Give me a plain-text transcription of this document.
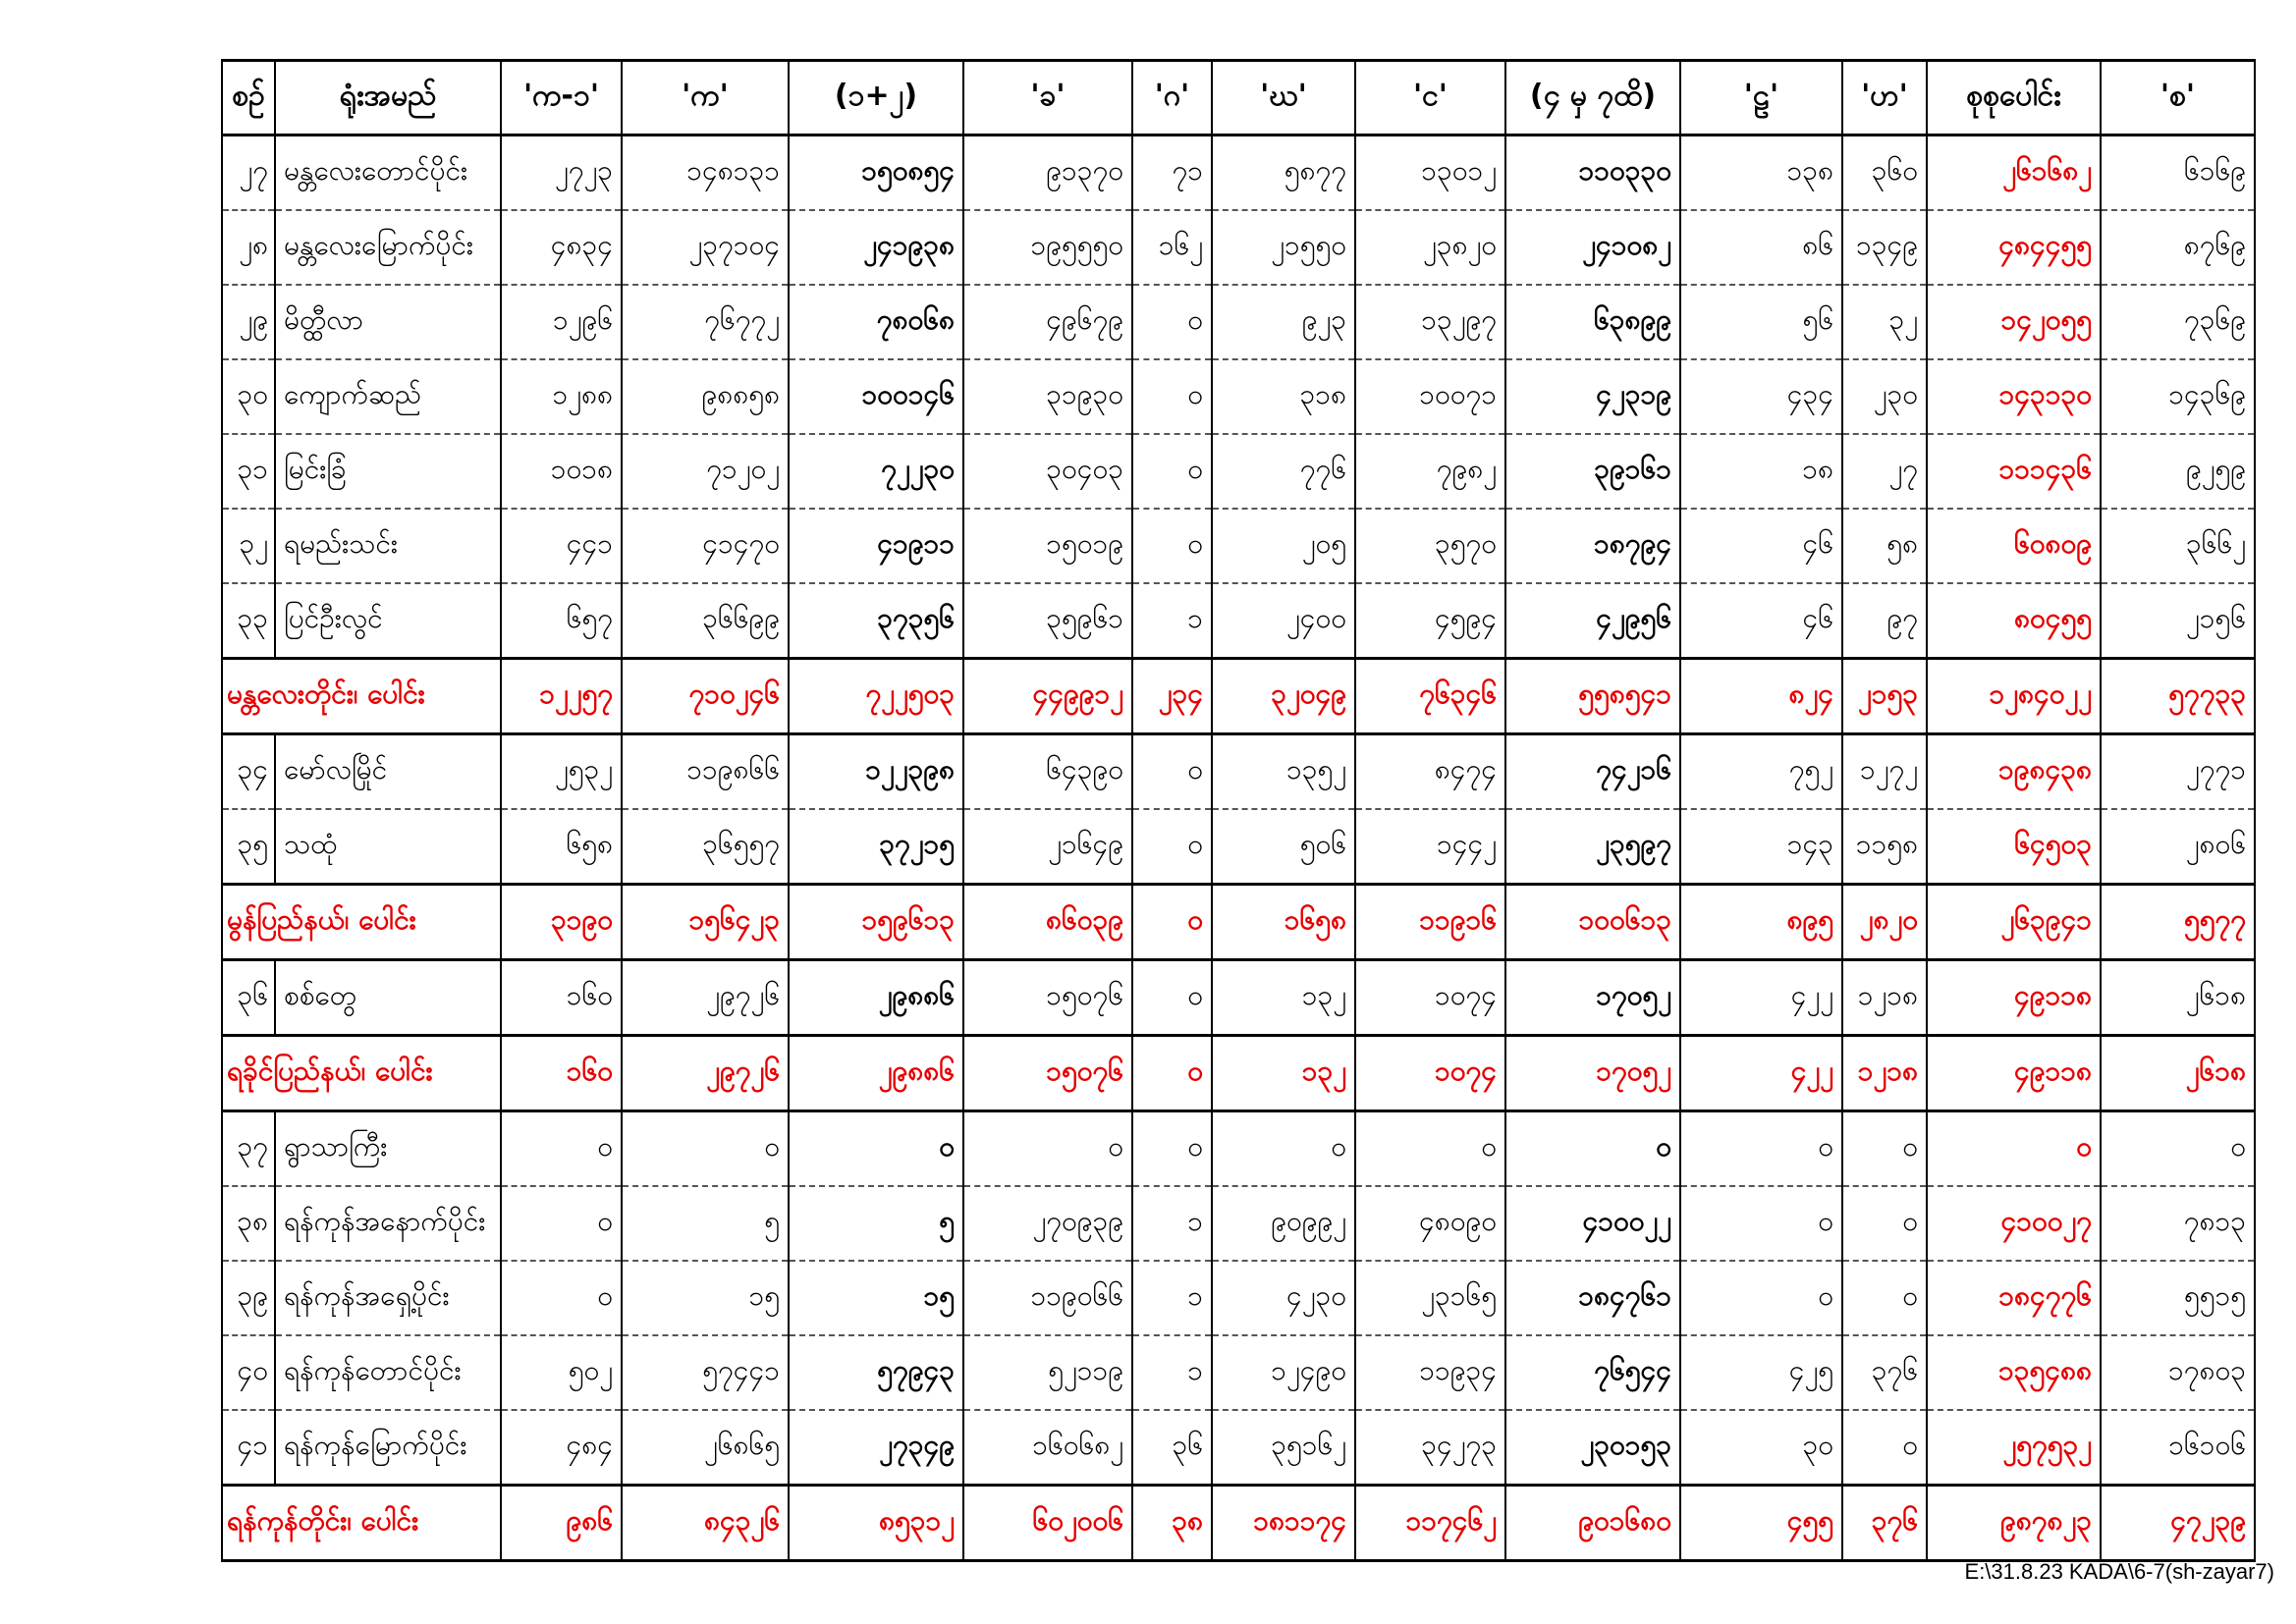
စဉ်	ရုံးအမည်	'က-၁'	'က'	(၁+၂)	'ခ'	'ဂ'	'ဃ'	'င'	(၄ မှ ၇ထိ)	'ဠ'	'ဟ'	စုစုပေါင်း	'စ'
၂၇	မန္တလေးတောင်ပိုင်း	၂၇၂၃	၁၄၈၁၃၁	၁၅၀၈၅၄	၉၁၃၇၀	၇၁	၅၈၇၇	၁၃၀၁၂	၁၁၀၃၃၀	၁၃၈	၃၆၀	၂၆၁၆၈၂	၆၁၆၉
၂၈	မန္တလေးမြောက်ပိုင်း	၄၈၃၄	၂၃၇၁၀၄	၂၄၁၉၃၈	၁၉၅၅၅၀	၁၆၂	၂၁၅၅၀	၂၃၈၂၀	၂၄၁၀၈၂	၈၆	၁၃၄၉	၄၈၄၄၅၅	၈၇၆၉
၂၉	မိတ္ထီလာ	၁၂၉၆	၇၆၇၇၂	၇၈၀၆၈	၄၉၆၇၉	၀	၉၂၃	၁၃၂၉၇	၆၃၈၉၉	၅၆	၃၂	၁၄၂၀၅၅	၇၃၆၉
၃၀	ကျောက်ဆည်	၁၂၈၈	၉၈၈၅၈	၁၀၀၁၄၆	၃၁၉၃၀	၀	၃၁၈	၁၀၀၇၁	၄၂၃၁၉	၄၃၄	၂၃၀	၁၄၃၁၃၀	၁၄၃၆၉
၃၁	မြင်းခြံ	၁၀၁၈	၇၁၂၀၂	၇၂၂၃၀	၃၀၄၀၃	၀	၇၇၆	၇၉၈၂	၃၉၁၆၁	၁၈	၂၇	၁၁၁၄၃၆	၉၂၅၉
၃၂	ရမည်းသင်း	၄၄၁	၄၁၄၇၀	၄၁၉၁၁	၁၅၀၁၉	၀	၂၀၅	၃၅၇၀	၁၈၇၉၄	၄၆	၅၈	၆၀၈၀၉	၃၆၆၂
၃၃	ပြင်ဦးလွင်	၆၅၇	၃၆၆၉၉	၃၇၃၅၆	၃၅၉၆၁	၁	၂၄၀၀	၄၅၉၄	၄၂၉၅၆	၄၆	၉၇	၈၀၄၅၅	၂၁၅၆
မန္တလေးတိုင်း၊ ပေါင်း		၁၂၂၅၇	၇၁၀၂၄၆	၇၂၂၅၀၃	၄၄၉၉၁၂	၂၃၄	၃၂၀၄၉	၇၆၃၄၆	၅၅၈၅၄၁	၈၂၄	၂၁၅၃	၁၂၈၄၀၂၂	၅၇၇၃၃
၃၄	မော်လမြိုင်	၂၅၃၂	၁၁၉၈၆၆	၁၂၂၃၉၈	၆၄၃၉၀	၀	၁၃၅၂	၈၄၇၄	၇၄၂၁၆	၇၅၂	၁၂၇၂	၁၉၈၄၃၈	၂၇၇၁
၃၅	သထုံ	၆၅၈	၃၆၅၅၇	၃၇၂၁၅	၂၁၆၄၉	၀	၅၀၆	၁၄၄၂	၂၃၅၉၇	၁၄၃	၁၁၅၈	၆၄၅၀၃	၂၈၀၆
မွန်ပြည်နယ်၊ ပေါင်း		၃၁၉၀	၁၅၆၄၂၃	၁၅၉၆၁၃	၈၆၀၃၉	၀	၁၆၅၈	၁၁၉၁၆	၁၀၀၆၁၃	၈၉၅	၂၈၂၀	၂၆၃၉၄၁	၅၅၇၇
၃၆	စစ်တွေ	၁၆၀	၂၉၇၂၆	၂၉၈၈၆	၁၅၀၇၆	၀	၁၃၂	၁၀၇၄	၁၇၀၅၂	၄၂၂	၁၂၁၈	၄၉၁၁၈	၂၆၁၈
ရခိုင်ပြည်နယ်၊ ပေါင်း		၁၆၀	၂၉၇၂၆	၂၉၈၈၆	၁၅၀၇၆	၀	၁၃၂	၁၀၇၄	၁၇၀၅၂	၄၂၂	၁၂၁၈	၄၉၁၁၈	၂၆၁၈
၃၇	ရွာသာကြီး	၀	၀	၀	၀	၀	၀	၀	၀	၀	၀	၀	၀
၃၈	ရန်ကုန်အနောက်ပိုင်း	၀	၅	၅	၂၇၀၉၃၉	၁	၉၀၉၉၂	၄၈၀၉၀	၄၁၀၀၂၂	၀	၀	၄၁၀၀၂၇	၇၈၁၃
၃၉	ရန်ကုန်အရှေ့ပိုင်း	၀	၁၅	၁၅	၁၁၉၀၆၆	၁	၄၂၃၀	၂၃၁၆၅	၁၈၄၇၆၁	၀	၀	၁၈၄၇၇၆	၅၅၁၅
၄၀	ရန်ကုန်တောင်ပိုင်း	၅၀၂	၅၇၄၄၁	၅၇၉၄၃	၅၂၁၁၉	၁	၁၂၄၉၀	၁၁၉၃၄	၇၆၅၄၄	၄၂၅	၃၇၆	၁၃၅၄၈၈	၁၇၈၀၃
၄၁	ရန်ကုန်မြောက်ပိုင်း	၄၈၄	၂၆၈၆၅	၂၇၃၄၉	၁၆၀၆၈၂	၃၆	၃၅၁၆၂	၃၄၂၇၃	၂၃၀၁၅၃	၃၀	၀	၂၅၇၅၃၂	၁၆၁၀၆
ရန်ကုန်တိုင်း၊ ပေါင်း		၉၈၆	၈၄၃၂၆	၈၅၃၁၂	၆၀၂၀၀၆	၃၈	၁၈၁၁၇၄	၁၁၇၄၆၂	၉၀၁၆၈၀	၄၅၅	၃၇၆	၉၈၇၈၂၃	၄၇၂၃၉
E:\31.8.23 KADA\6-7(sh-zayar7)
